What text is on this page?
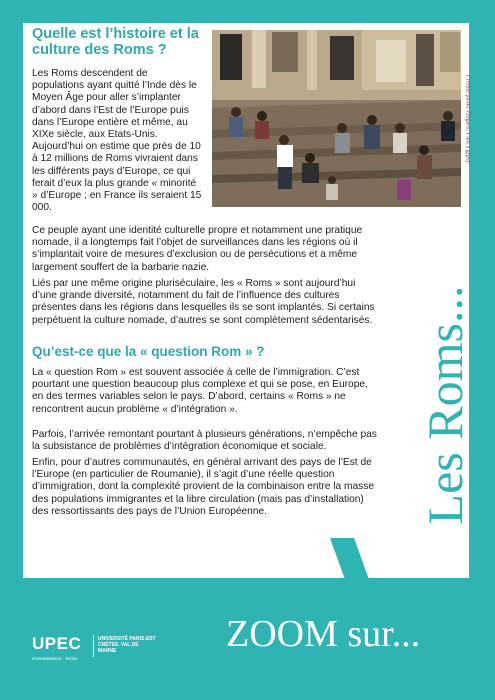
Quelle est l’histoire et la culture des Roms ?
Crédits photo Zingaro, I am a gipsy

Les Roms descendent de populations ayant quitté l’Inde dès le Moyen Âge pour aller s’implanter d’abord dans l’Est de l’Europe puis dans l’Europe entière et même, au XIXe siècle, aux Etats-Unis. Aujourd’hui on estime que près de 10 à 12 millions de Roms vivraient dans les différents pays d’Europe, ce qui ferait d’eux la plus grande « minorité » d’Europe ; en France ils seraient 15 000.

Ce peuple ayant une identité culturelle propre et notamment une pratique nomade, il a longtemps fait l’objet de surveillances dans les régions où il s’implantait voire de mesures d’exclusion ou de persécutions et a même largement souffert de la barbarie nazie.

Liés par une même origine pluriséculaire, les « Roms » sont aujourd’hui d’une grande diversité, notamment du fait de l’influence des cultures présentes dans les régions dans lesquelles ils se sont implantés. Si certains perpétuent la culture nomade, d’autres se sont complètement sédentarisés.

Qu’est-ce que la « question Rom » ?

La « question Rom » est souvent associée à celle de l’immigration. C’est pourtant une question beaucoup plus complexe et qui se pose, en Europe, en des termes variables selon le pays. D’abord, certains « Roms » ne rencontrent aucun problème « d’intégration ».

Parfois, l’arrivée remontant pourtant à plusieurs générations, n’empêche pas la subsistance de problèmes d’intégration économique et sociale.

Enfin, pour d’autres communautés, en général arrivant des pays de l’Est de l’Europe (en particulier de Roumanie), il s’agit d’une réelle question d’immigration, dont la complexité provient de la combinaison entre la masse des populations immigrantes et la libre circulation (mais pas d’installation) des ressortissants des pays de l’Union Européenne.	Les Roms...
UPEC
Connaissance · Action
UNIVERSITÉ PARIS-EST CRÉTEIL VAL DE MARNE	ZOOM sur...
